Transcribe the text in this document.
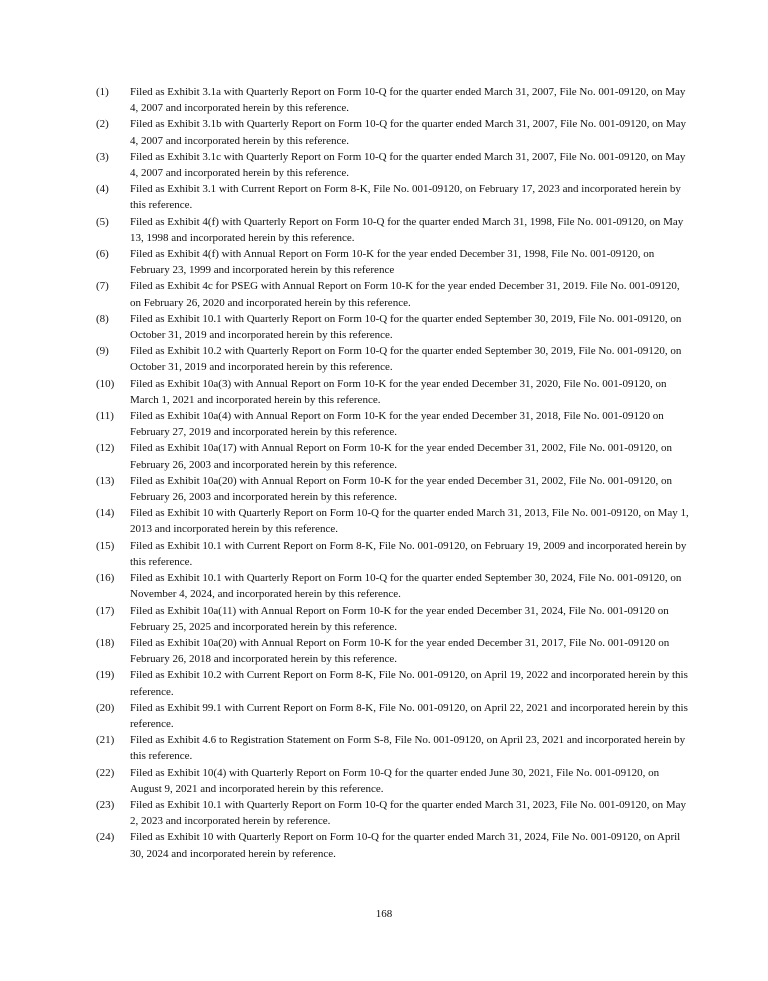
(1)	Filed as Exhibit 3.1a with Quarterly Report on Form 10-Q for the quarter ended March 31, 2007, File No. 001-09120, on May 4, 2007 and incorporated herein by this reference.
(2)	Filed as Exhibit 3.1b with Quarterly Report on Form 10-Q for the quarter ended March 31, 2007, File No. 001-09120, on May 4, 2007 and incorporated herein by this reference.
(3)	Filed as Exhibit 3.1c with Quarterly Report on Form 10-Q for the quarter ended March 31, 2007, File No. 001-09120, on May 4, 2007 and incorporated herein by this reference.
(4)	Filed as Exhibit 3.1 with Current Report on Form 8-K, File No. 001-09120, on February 17, 2023 and incorporated herein by this reference.
(5)	Filed as Exhibit 4(f) with Quarterly Report on Form 10-Q for the quarter ended March 31, 1998, File No. 001-09120, on May 13, 1998 and incorporated herein by this reference.
(6)	Filed as Exhibit 4(f) with Annual Report on Form 10-K for the year ended December 31, 1998, File No. 001-09120, on February 23, 1999 and incorporated herein by this reference
(7)	Filed as Exhibit 4c for PSEG with Annual Report on Form 10-K for the year ended December 31, 2019. File No. 001-09120, on February 26, 2020 and incorporated herein by this reference.
(8)	Filed as Exhibit 10.1 with Quarterly Report on Form 10-Q for the quarter ended September 30, 2019, File No. 001-09120, on October 31, 2019 and incorporated herein by this reference.
(9)	Filed as Exhibit 10.2 with Quarterly Report on Form 10-Q for the quarter ended September 30, 2019, File No. 001-09120, on October 31, 2019 and incorporated herein by this reference.
(10)	Filed as Exhibit 10a(3) with Annual Report on Form 10-K for the year ended December 31, 2020, File No. 001-09120, on March 1, 2021 and incorporated herein by this reference.
(11)	Filed as Exhibit 10a(4) with Annual Report on Form 10-K for the year ended December 31, 2018, File No. 001-09120 on February 27, 2019 and incorporated herein by this reference.
(12)	Filed as Exhibit 10a(17) with Annual Report on Form 10-K for the year ended December 31, 2002, File No. 001-09120, on February 26, 2003 and incorporated herein by this reference.
(13)	Filed as Exhibit 10a(20) with Annual Report on Form 10-K for the year ended December 31, 2002, File No. 001-09120, on February 26, 2003 and incorporated herein by this reference.
(14)	Filed as Exhibit 10 with Quarterly Report on Form 10-Q for the quarter ended March 31, 2013, File No. 001-09120, on May 1, 2013 and incorporated herein by this reference.
(15)	Filed as Exhibit 10.1 with Current Report on Form 8-K, File No. 001-09120, on February 19, 2009 and incorporated herein by this reference.
(16)	Filed as Exhibit 10.1 with Quarterly Report on Form 10-Q for the quarter ended September 30, 2024, File No. 001-09120, on November 4, 2024, and incorporated herein by this reference.
(17)	Filed as Exhibit 10a(11) with Annual Report on Form 10-K for the year ended December 31, 2024, File No. 001-09120 on February 25, 2025 and incorporated herein by this reference.
(18)	Filed as Exhibit 10a(20) with Annual Report on Form 10-K for the year ended December 31, 2017, File No. 001-09120 on February 26, 2018 and incorporated herein by this reference.
(19)	Filed as Exhibit 10.2 with Current Report on Form 8-K, File No. 001-09120, on April 19, 2022 and incorporated herein by this reference.
(20)	Filed as Exhibit 99.1 with Current Report on Form 8-K, File No. 001-09120, on April 22, 2021 and incorporated herein by this reference.
(21)	Filed as Exhibit 4.6 to Registration Statement on Form S-8, File No. 001-09120, on April 23, 2021 and incorporated herein by this reference.
(22)	Filed as Exhibit 10(4) with Quarterly Report on Form 10-Q for the quarter ended June 30, 2021, File No. 001-09120, on August 9, 2021 and incorporated herein by this reference.
(23)	Filed as Exhibit 10.1 with Quarterly Report on Form 10-Q for the quarter ended March 31, 2023, File No. 001-09120, on May 2, 2023 and incorporated herein by reference.
(24)	Filed as Exhibit 10 with Quarterly Report on Form 10-Q for the quarter ended March 31, 2024, File No. 001-09120, on April 30, 2024 and incorporated herein by reference.
168
